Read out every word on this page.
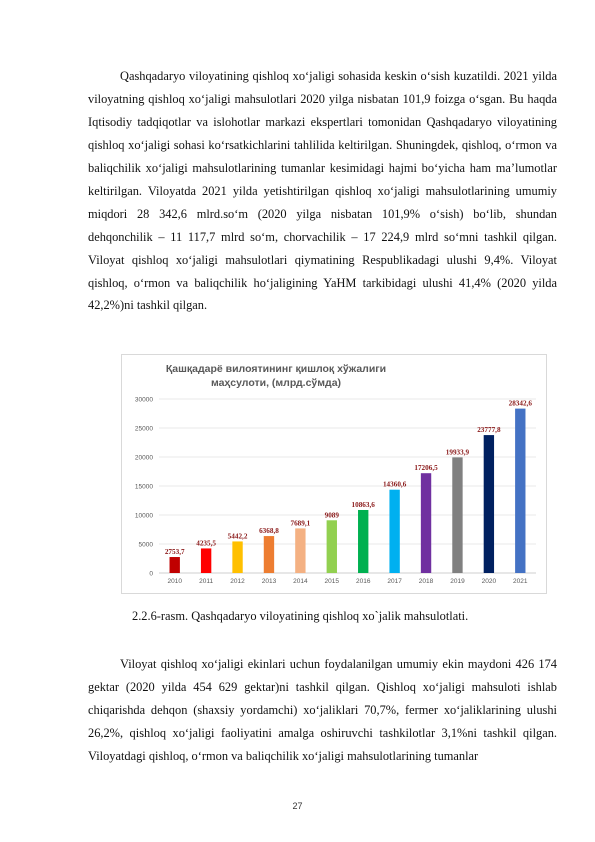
Qashqadaryo viloyatining qishloq xo‘jaligi sohasida keskin o‘sish kuzatildi. 2021 yilda viloyatning qishloq xo‘jaligi mahsulotlari 2020 yilga nisbatan 101,9 foizga o‘sgan. Bu haqda Iqtisodiy tadqiqotlar va islohotlar markazi ekspertlari tomonidan Qashqadaryo viloyatining qishloq xo‘jaligi sohasi ko‘rsatkichlarini tahlilida keltirilgan. Shuningdek, qishloq, o‘rmon va baliqchilik xo‘jaligi mahsulotlarining tumanlar kesimidagi hajmi bo‘yicha ham ma’lumotlar keltirilgan. Viloyatda 2021 yilda yetishtirilgan qishloq xo‘jaligi mahsulotlarining umumiy miqdori 28 342,6 mlrd.so‘m (2020 yilga nisbatan 101,9% o‘sish) bo‘lib, shundan dehqonchilik – 11 117,7 mlrd so‘m, chorvachilik – 17 224,9 mlrd so‘mni tashkil qilgan. Viloyat qishloq xo‘jaligi mahsulotlari qiymatining Respublikadagi ulushi 9,4%. Viloyat qishloq, o‘rmon va baliqchilik ho‘jaligining YaHM tarkibidagi ulushi 41,4% (2020 yilda 42,2%)ni tashkil qilgan.

Қашқадарё вилоятининг қишлоқ хўжалиги
маҳсулоти, (млрд.сўмда)
0
5000
10000
15000
20000
25000
30000
2753,7
4235,5
5442,2
6368,8
7689,1
9089
10863,6
14360,6
17206,5
19933,9
23777,8
28342,6
2010	2011	2012	2013	2014	2015	2016	2017	2018	2019	2020	2021
2.2.6-rasm. Qashqadaryo viloyatining qishloq xo`jalik mahsulotlati.

Viloyat qishloq xo‘jaligi ekinlari uchun foydalanilgan umumiy ekin maydoni 426 174 gektar (2020 yilda 454 629 gektar)ni tashkil qilgan. Qishloq xo‘jaligi mahsuloti ishlab chiqarishda dehqon (shaxsiy yordamchi) xo‘jaliklari 70,7%, fermer xo‘jaliklarining ulushi 26,2%, qishloq xo‘jaligi faoliyatini amalga oshiruvchi tashkilotlar 3,1%ni tashkil qilgan. Viloyatdagi qishloq, o‘rmon va baliqchilik xo‘jaligi mahsulotlarining tumanlar

27
